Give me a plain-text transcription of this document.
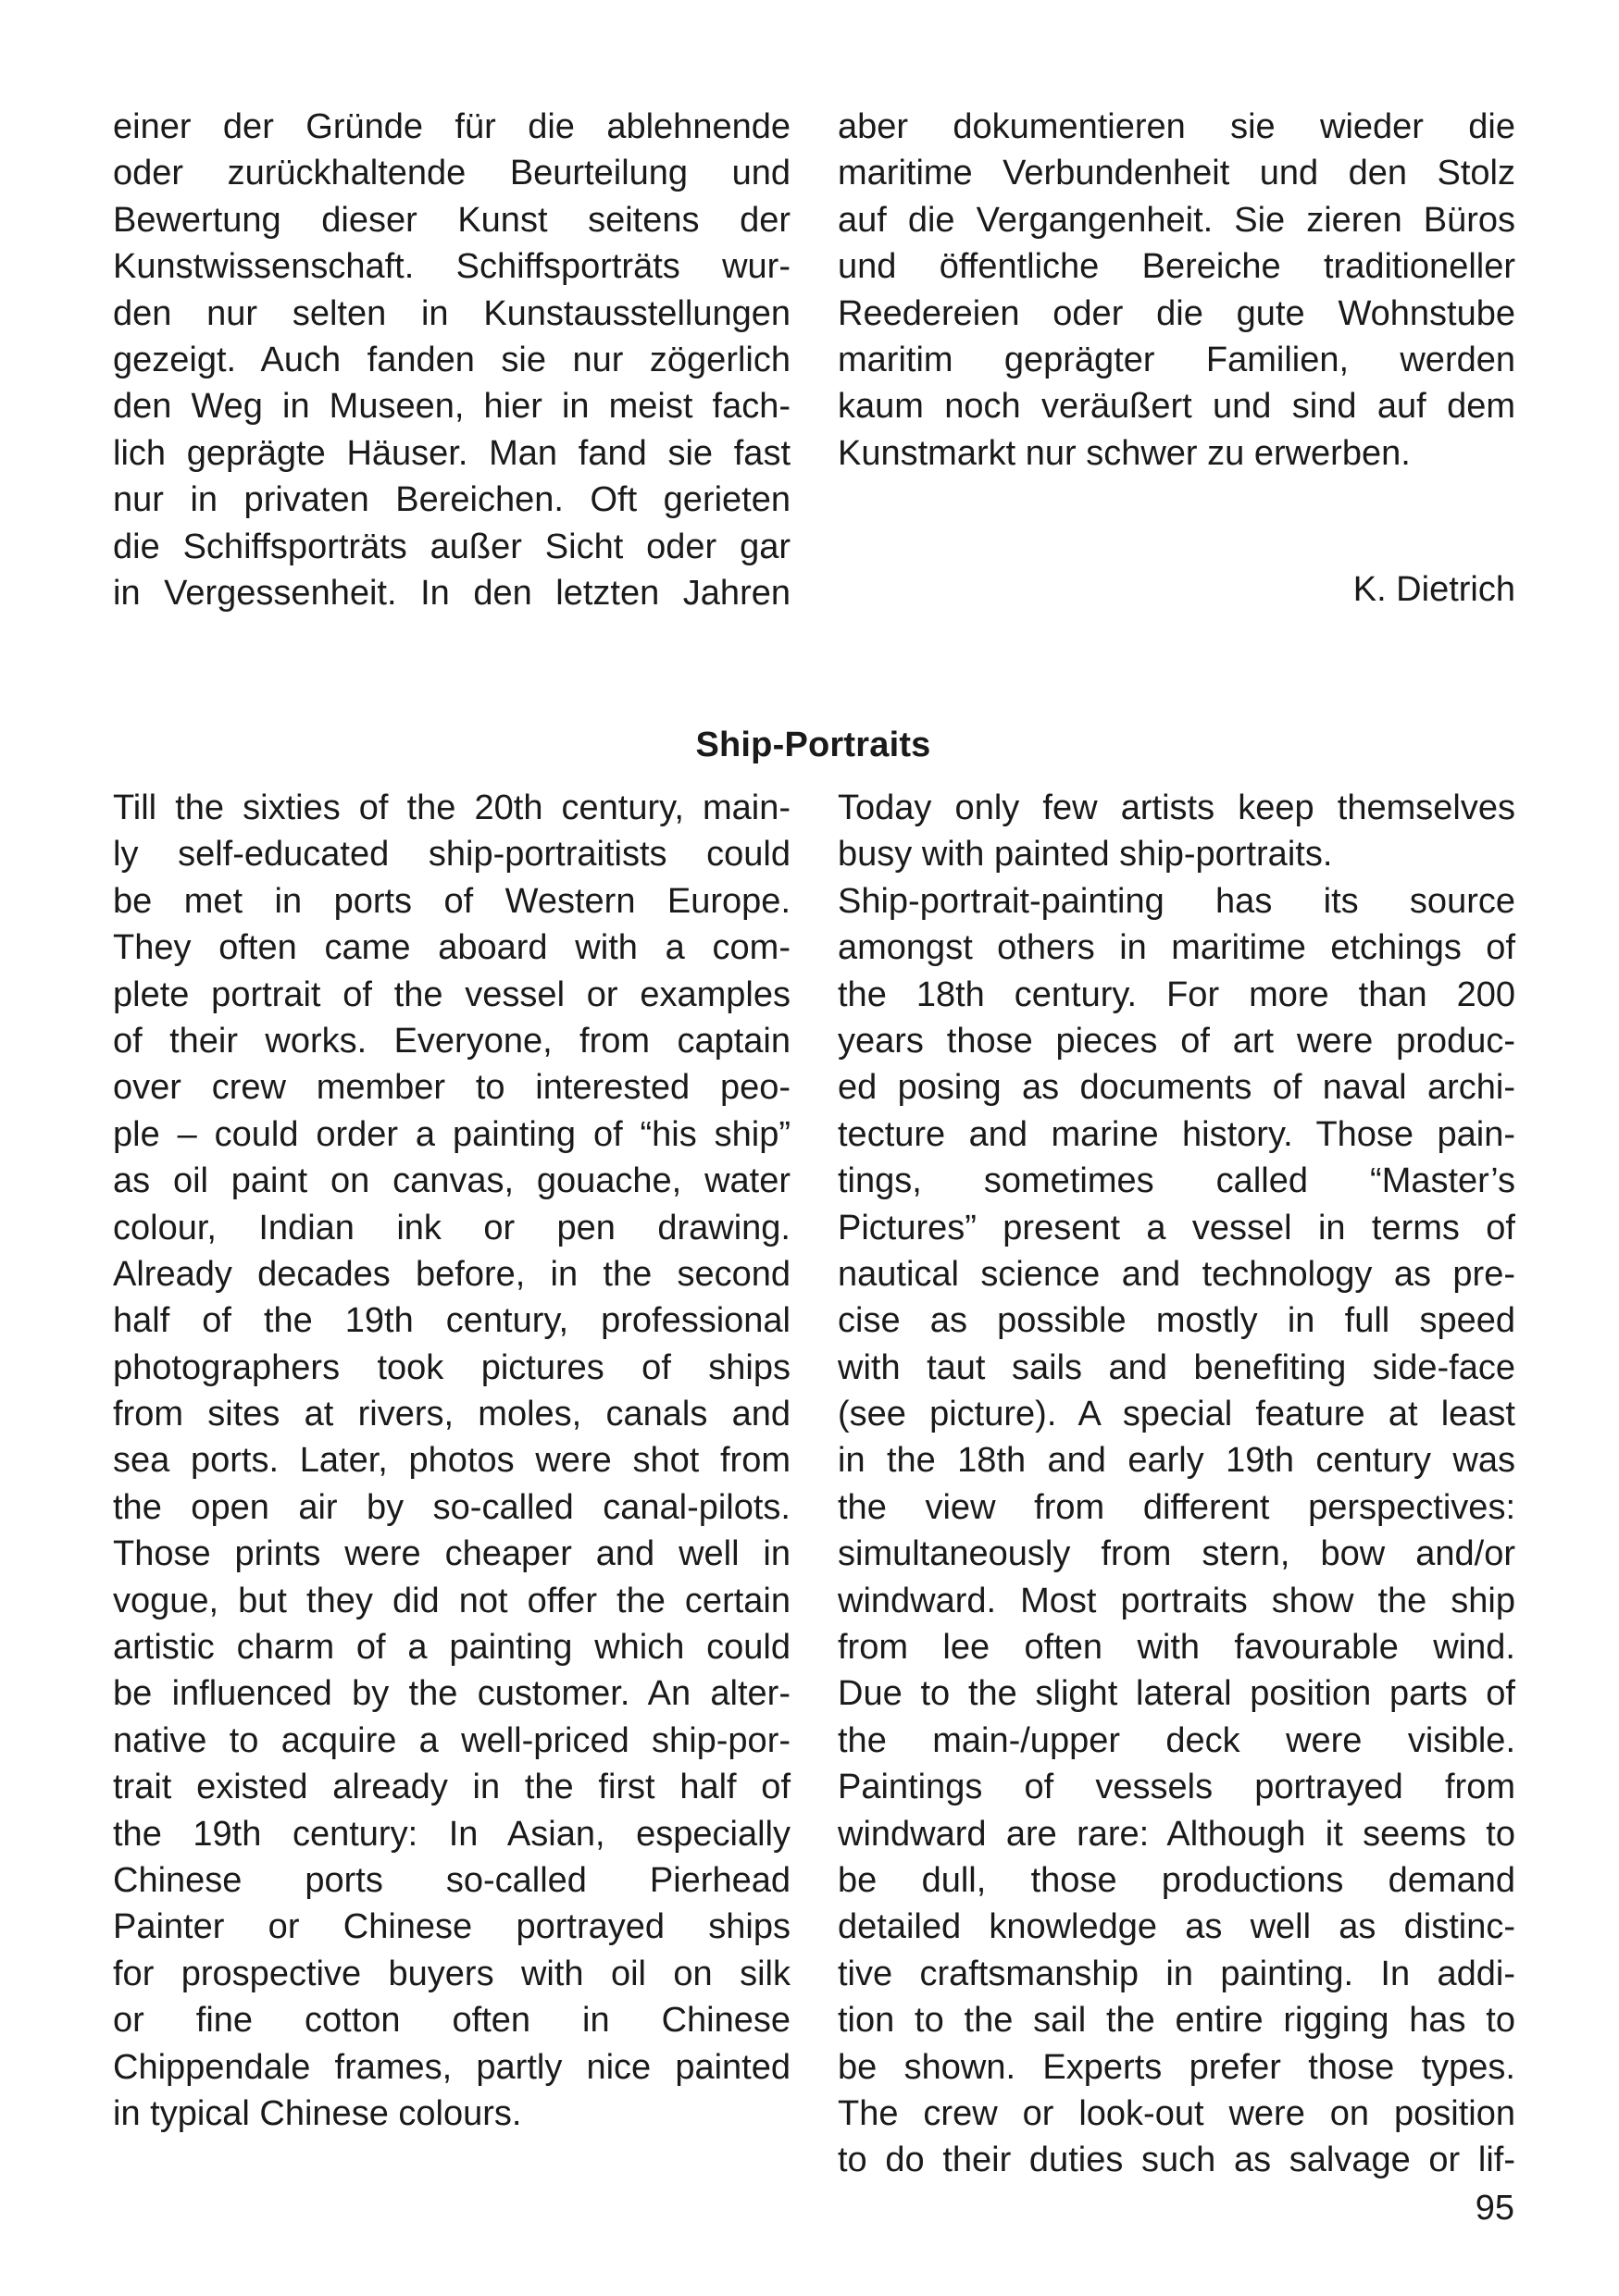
einer der Gründe für die ablehnende
oder zurückhaltende Beurteilung und
Bewertung dieser Kunst seitens der
Kunstwissenschaft. Schiffsporträts wur-
den nur selten in Kunstausstellungen
gezeigt. Auch fanden sie nur zögerlich
den Weg in Museen, hier in meist fach-
lich geprägte Häuser. Man fand sie fast
nur in privaten Bereichen. Oft gerieten
die Schiffsporträts außer Sicht oder gar
in Vergessenheit. In den letzten Jahren
aber dokumentieren sie wieder die
maritime Verbundenheit und den Stolz
auf die Vergangenheit. Sie zieren Büros
und öffentliche Bereiche traditioneller
Reedereien oder die gute Wohnstube
maritim geprägter Familien, werden
kaum noch veräußert und sind auf dem
Kunstmarkt nur schwer zu erwerben.
K. Dietrich
Ship-Portraits
Till the sixties of the 20th century, main-
ly self-educated ship-portraitists could
be met in ports of Western Europe.
They often came aboard with a com-
plete portrait of the vessel or examples
of their works. Everyone, from captain
over crew member to interested peo-
ple – could order a painting of “his ship”
as oil paint on canvas, gouache, water
colour, Indian ink or pen drawing.
Already decades before, in the second
half of the 19th century, professional
photographers took pictures of ships
from sites at rivers, moles, canals and
sea ports. Later, photos were shot from
the open air by so-called canal-pilots.
Those prints were cheaper and well in
vogue, but they did not offer the certain
artistic charm of a painting which could
be influenced by the customer. An alter-
native to acquire a well-priced ship-por-
trait existed already in the first half of
the 19th century: In Asian, especially
Chinese ports so-called Pierhead
Painter or Chinese portrayed ships
for prospective buyers with oil on silk
or fine cotton often in Chinese
Chippendale frames, partly nice painted
in typical Chinese colours.
Today only few artists keep themselves
busy with painted ship-portraits.
Ship-portrait-painting has its source
amongst others in maritime etchings of
the 18th century. For more than 200
years those pieces of art were produc-
ed posing as documents of naval archi-
tecture and marine history. Those pain-
tings, sometimes called “Master’s
Pictures” present a vessel in terms of
nautical science and technology as pre-
cise as possible mostly in full speed
with taut sails and benefiting side-face
(see picture). A special feature at least
in the 18th and early 19th century was
the view from different perspectives:
simultaneously from stern, bow and/or
windward. Most portraits show the ship
from lee often with favourable wind.
Due to the slight lateral position parts of
the main-/upper deck were visible.
Paintings of vessels portrayed from
windward are rare: Although it seems to
be dull, those productions demand
detailed knowledge as well as distinc-
tive craftsmanship in painting. In addi-
tion to the sail the entire rigging has to
be shown. Experts prefer those types.
The crew or look-out were on position
to do their duties such as salvage or lif-
95
